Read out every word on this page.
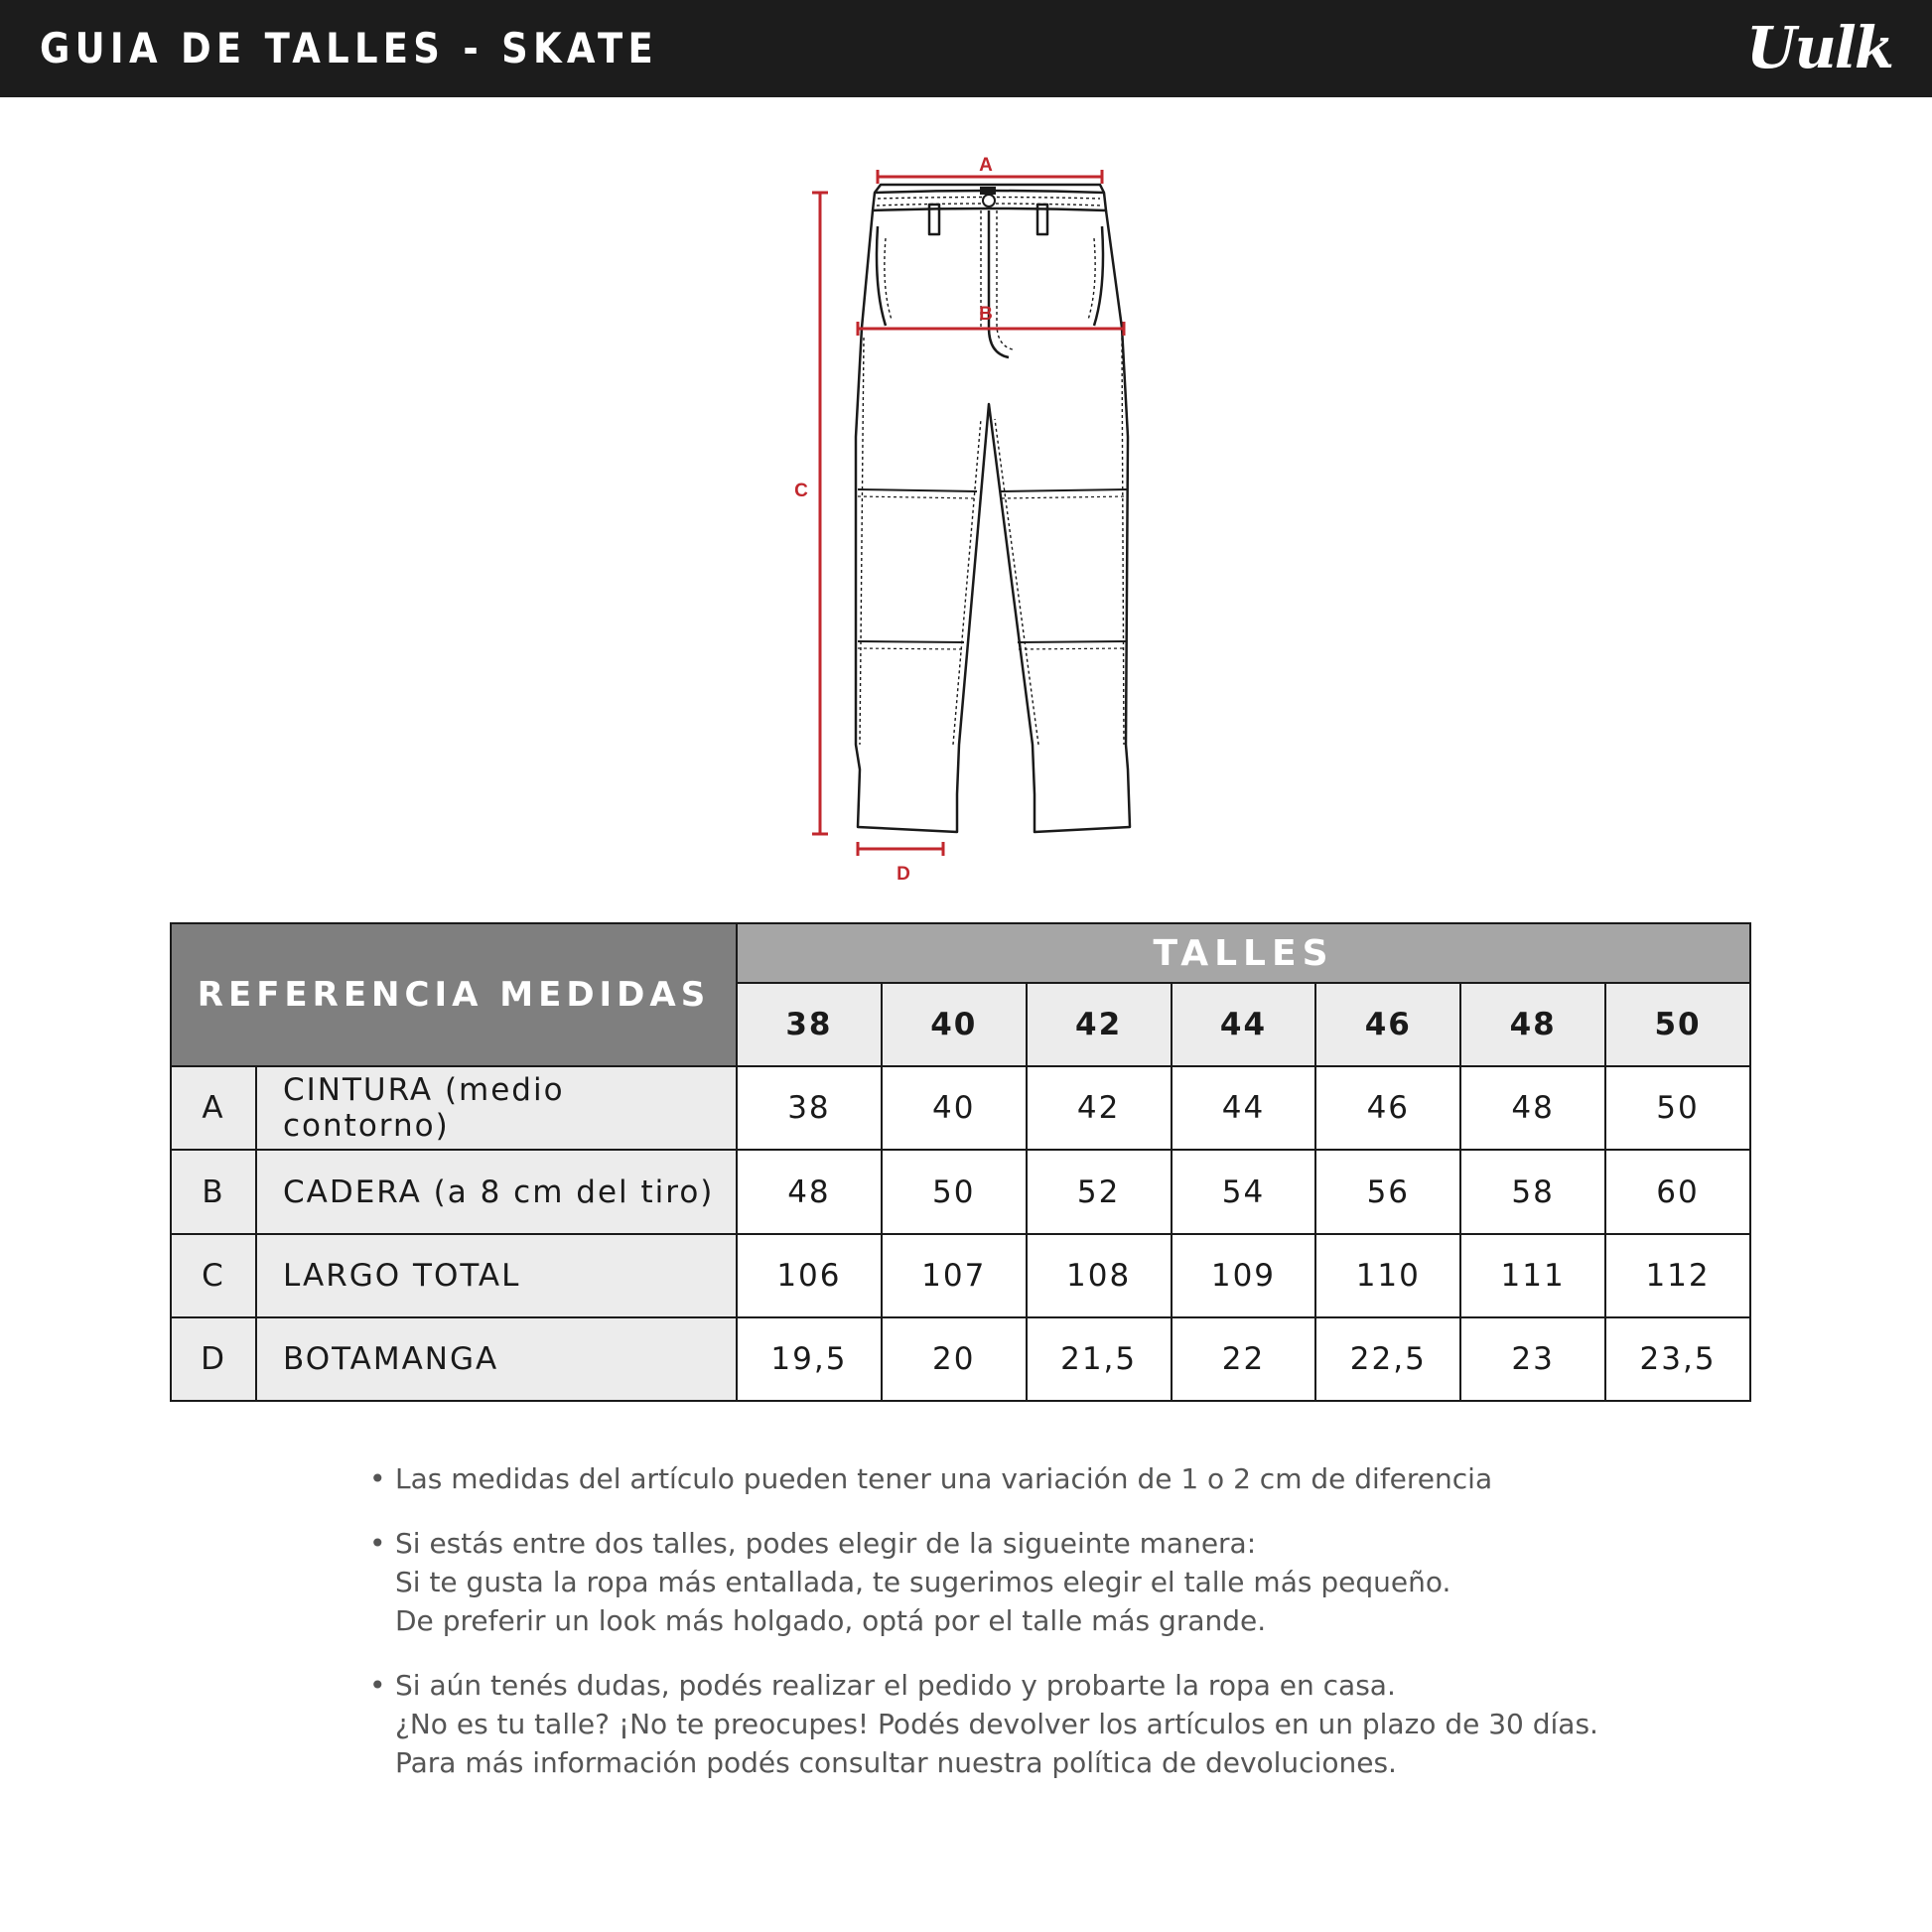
GUIA DE TALLES - SKATE	Uulk
A
B
C
D
REFERENCIA MEDIDAS		TALLES						
		38	40	42	44	46	48	50
A	CINTURA (medio contorno)	38	40	42	44	46	48	50
B	CADERA (a 8 cm del tiro)	48	50	52	54	56	58	60
C	LARGO TOTAL	106	107	108	109	110	111	112
D	BOTAMANGA	19,5	20	21,5	22	22,5	23	23,5
• Las medidas del artículo pueden tener una variación de 1 o 2 cm de diferencia
• Si estás entre dos talles, podes elegir de la sigueinte manera:
Si te gusta la ropa más entallada, te sugerimos elegir el talle más pequeño.
De preferir un look más holgado, optá por el talle más grande.
• Si aún tenés dudas, podés realizar el pedido y probarte la ropa en casa.
¿No es tu talle? ¡No te preocupes! Podés devolver los artículos en un plazo de 30 días.
Para más información podés consultar nuestra política de devoluciones.
